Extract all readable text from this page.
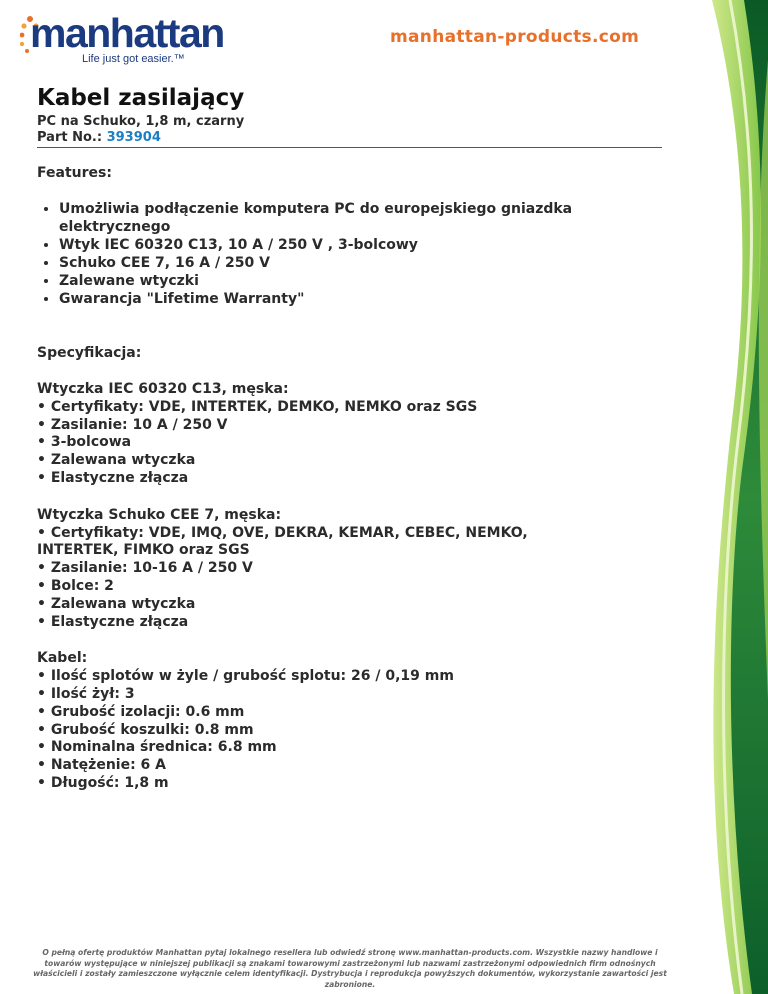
manhattan
Life just got easier.™
manhattan-products.com
Kabel zasilający
PC na Schuko, 1,8 m, czarny
Part No.: 393904
Features:
• Umożliwia podłączenie komputera PC do europejskiego gniazdka elektrycznego
• Wtyk IEC 60320 C13, 10 A / 250 V , 3-bolcowy
• Schuko CEE 7, 16 A / 250 V
• Zalewane wtyczki
• Gwarancja "Lifetime Warranty"
Specyfikacja:
Wtyczka IEC 60320 C13, męska:
• Certyfikaty: VDE, INTERTEK, DEMKO, NEMKO oraz SGS
• Zasilanie: 10 A / 250 V
• 3-bolcowa
• Zalewana wtyczka
• Elastyczne złącza
Wtyczka Schuko CEE 7, męska:
• Certyfikaty: VDE, IMQ, OVE, DEKRA, KEMAR, CEBEC, NEMKO,
INTERTEK, FIMKO oraz SGS
• Zasilanie: 10-16 A / 250 V
• Bolce: 2
• Zalewana wtyczka
• Elastyczne złącza
Kabel:
• Ilość splotów w żyle / grubość splotu: 26 / 0,19 mm
• Ilość żył: 3
• Grubość izolacji: 0.6 mm
• Grubość koszulki: 0.8 mm
• Nominalna średnica: 6.8 mm
• Natężenie: 6 A
• Długość: 1,8 m
O pełną ofertę produktów Manhattan pytaj lokalnego resellera lub odwiedź stronę www.manhattan-products.com. Wszystkie nazwy handlowe i towarów występujące w niniejszej publikacji są znakami towarowymi zastrzeżonymi lub nazwami zastrzeżonymi odpowiednich firm odnośnych właścicieli i zostały zamieszczone wyłącznie celem identyfikacji. Dystrybucja i reprodukcja powyższych dokumentów, wykorzystanie zawartości jest zabronione.
